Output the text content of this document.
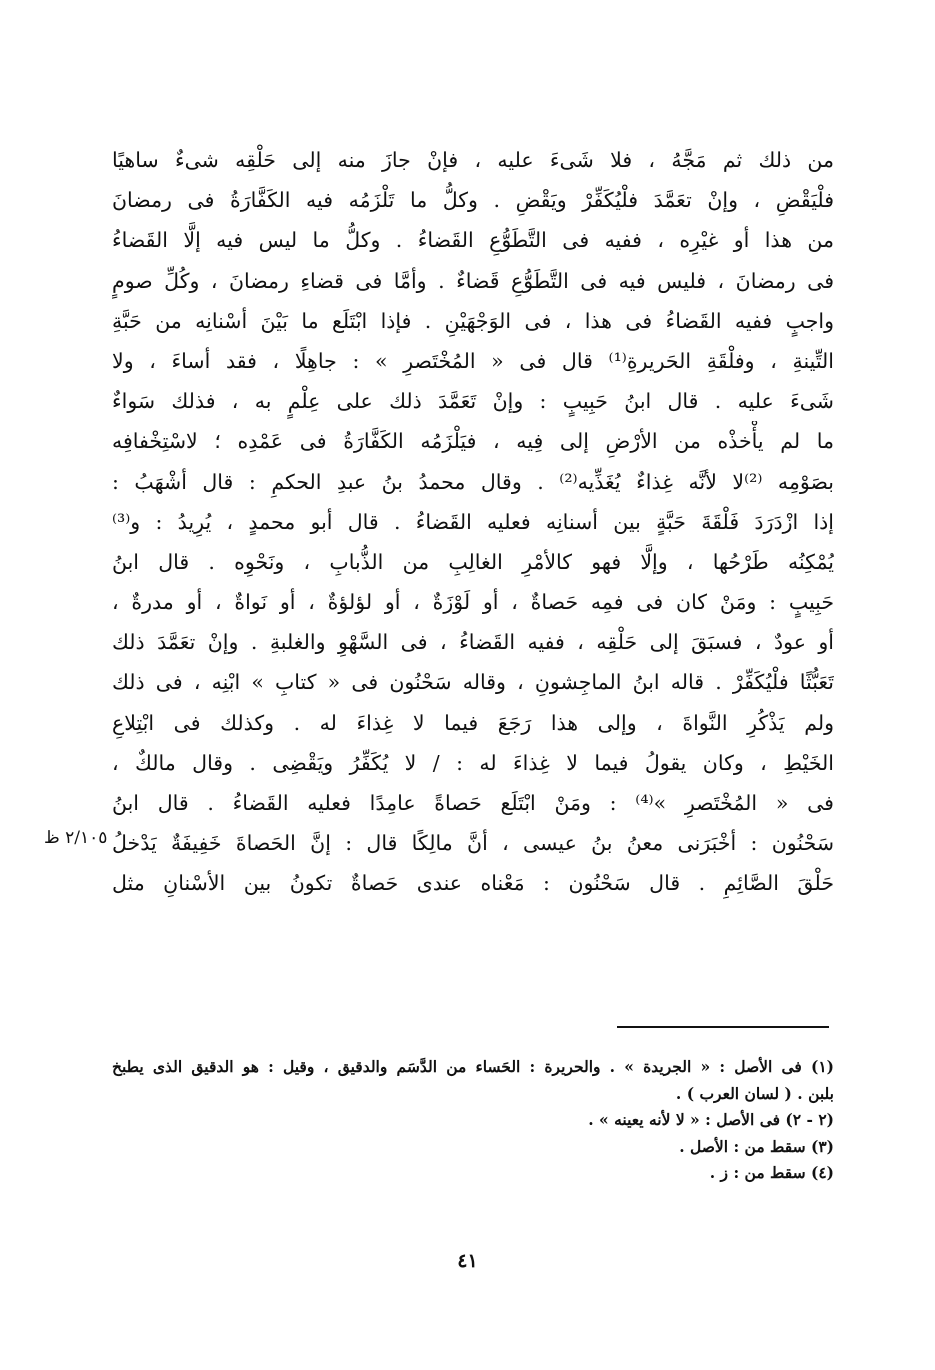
من ذلك ثم مَجَّهُ ، فلا شَىءَ عليه ، فإنْ جازَ منه إلى حَلْقِه شىءٌ ساهيًا
فلْيَقْضِ ، وإنْ تعَمَّدَ فلْيُكَفِّرْ ويَقْضِ . وكلُّ ما تَلْزَمُه فيه الكَفَّارَةُ فى رمضانَ
من هذا أو غيْرِه ، ففيه فى التَّطَوُّعِ القَضاءُ . وكلُّ ما ليس فيه إلَّا القَضاءُ
فى رمضانَ ، فليس فيه فى التَّطَوُّعِ قَضاءٌ . وأمَّا فى قضاءِ رمضانَ ، وكُلِّ صومٍ
واجبٍ ففيه القَضاءُ فى هذا ، فى الوَجْهَيْنِ . فإذا ابْتَلَع ما بَيْنَ أسْنانِه من حَبَّةِ
التِّينةِ ، وفلْقَةِ الحَريرةِ⁽¹⁾ قال فى « المُخْتَصرِ » : جاهِلًا ، فقد أساءَ ، ولا
شَىءَ عليه . قال ابنُ حَبِيبٍ : وإنْ تَعَمَّدَ ذلك على عِلْمٍ به ، فذلك سَواءٌ
ما لم يأْخذْه من الأرْضِ إلى فِيه ، فيَلْزَمُه الكَفَّارَةُ فى عَمْدِه ؛ لاسْتِخْفافِه
بصَوْمِه ⁽²⁾لا لأنَّه غِذاءٌ يُغَذِّيه⁽²⁾ . وقال محمدُ بنُ عبدِ الحكمِ : قال أشْهَبُ :
إذا ازْدَرَدَ فَلْقَةَ حَبَّةٍ بين أسنانِه فعليه القَضاءُ . قال أبو محمدٍ ، يُرِيدُ : و⁽³⁾
يُمْكِنُه طَرْحُها ، وإلَّا فهو كالأمْرِ الغالِبِ من الذُّبابِ ، ونَحْوِه . قال ابنُ
حَبِيبٍ : ومَنْ كان فى فمِه حَصاةٌ ، أو لَوْزَةٌ ، أو لؤلؤةٌ ، أو نَواةٌ ، أو مدرةٌ ،
أو عودٌ ، فسبَقَ إلى حَلْقِه ، ففيه القَضاءُ ، فى السَّهْوِ والغلبةِ . وإنْ تعَمَّدَ ذلك
تَعَبُّثًا فلْيُكَفِّرْ . قاله ابنُ الماجِشونِ ، وقاله سَحْنُون فى « كتابِ » ابْنِه ، فى ذلك
ولم يَذْكُرِ النَّواةَ ، وإلى هذا رَجَعَ فيما لا غِذاءَ له . وكذلك فى ابْتِلاعِ
الخَيْطِ ، وكان يقولُ فيما لا غِذاءَ له : / لا يُكَفِّرُ ويَقْضِى . وقال مالكٌ ،
فى « المُخْتَصرِ »⁽⁴⁾ : ومَنْ ابْتَلَع حَصاةً عامِدًا فعليه القَضاءُ . قال ابنُ
سَحْنُون : أخْبَرَنى معنُ بنُ عيسى ، أنَّ مالِكًا قال : إنَّ الحَصاةَ خَفِيفَةٌ يَدْخلُ
حَلْقَ الصَّائِمِ . قال سَحْنُون : مَعْناه عندى حَصاةٌ تكونُ بين الأسْنانِ مثل
٢/١٠٥ ظ
(١) فى الأصل : « الجريدة » . والحريرة : الحَساء من الدَّسَم والدقيق ، وقيل : هو الدقيق الذى يطبخ
بلبن . ( لسان العرب ) .
(٢ - ٢) فى الأصل : « لا لأنه يعينه » .
(٣) سقط من : الأصل .
(٤) سقط من : ز .
٤١
